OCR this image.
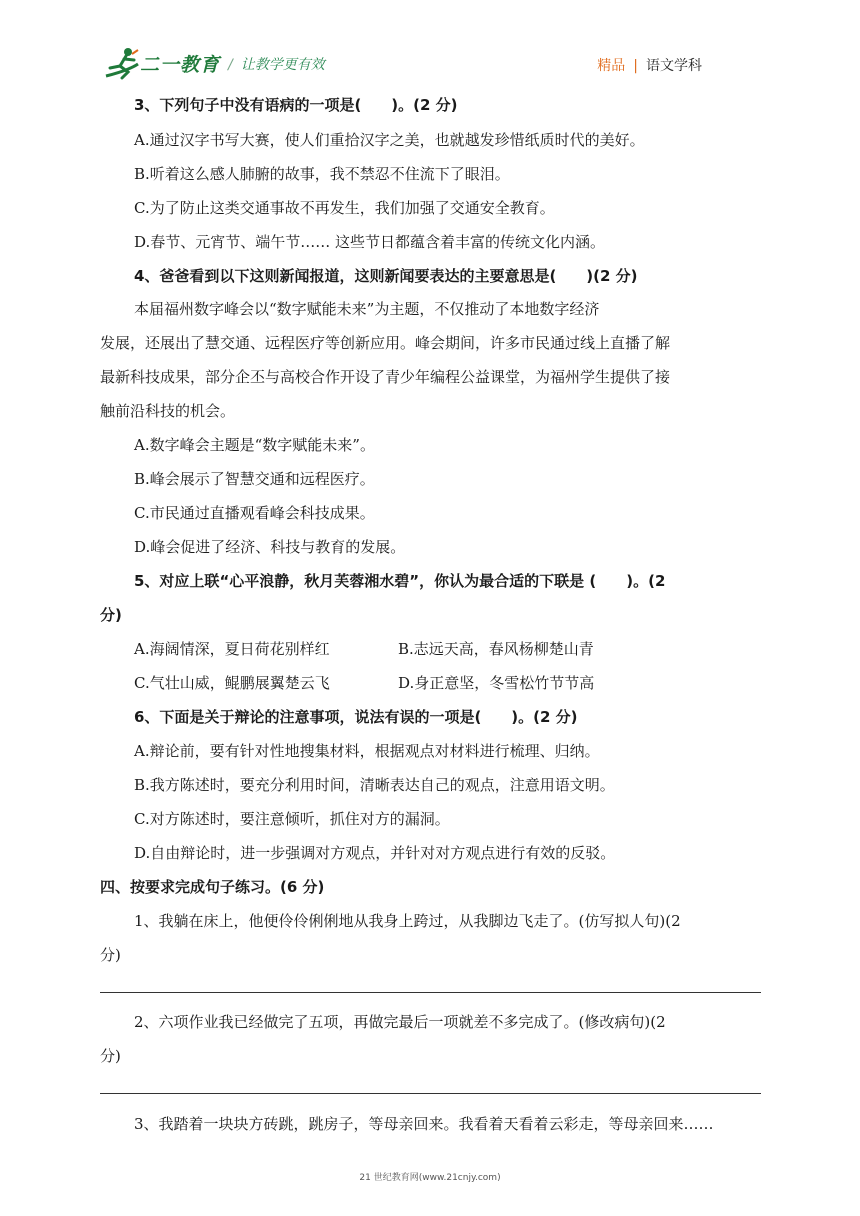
二一教育 / 让教学更有效	精品 | 语文学科
3、下列句子中没有语病的一项是(　　)。(2 分)
A.通过汉字书写大赛，使人们重拾汉字之美，也就越发珍惜纸质时代的美好。
B.听着这么感人肺腑的故事，我不禁忍不住流下了眼泪。
C.为了防止这类交通事故不再发生，我们加强了交通安全教育。
D.春节、元宵节、端午节…… 这些节日都蕴含着丰富的传统文化内涵。
4、爸爸看到以下这则新闻报道，这则新闻要表达的主要意思是(　　)(2 分)
本届福州数字峰会以“数字赋能未来”为主题，不仅推动了本地数字经济
发展，还展出了慧交通、远程医疗等创新应用。峰会期间，许多市民通过线上直播了解
最新科技成果，部分企丕与高校合作开设了青少年编程公益课堂，为福州学生提供了接
触前沿科技的机会。
A.数字峰会主题是“数字赋能未来”。
B.峰会展示了智慧交通和远程医疗。
C.市民通过直播观看峰会科技成果。
D.峰会促进了经济、科技与教育的发展。
5、对应上联“心平浪静，秋月芙蓉湘水碧”，你认为最合适的下联是 (　　)。(2
分)
A.海阔情深，夏日荷花别样红	B.志远天高，春风杨柳楚山青
C.气壮山威，鲲鹏展翼楚云飞	D.身正意坚，冬雪松竹节节高
6、下面是关于辩论的注意事项，说法有误的一项是(　　)。(2 分)
A.辩论前，要有针对性地搜集材料，根据观点对材料进行梳理、归纳。
B.我方陈述时，要充分利用时间，清晰表达自己的观点，注意用语文明。
C.对方陈述时，要注意倾听，抓住对方的漏洞。
D.自由辩论时，进一步强调对方观点，并针对对方观点进行有效的反驳。
四、按要求完成句子练习。(6 分)
1、我躺在床上，他便伶伶俐俐地从我身上跨过，从我脚边飞走了。(仿写拟人句)(2
分)
2、六项作业我已经做完了五项，再做完最后一项就差不多完成了。(修改病句)(2
分)
3、我踏着一块块方砖跳，跳房子，等母亲回来。我看着天看着云彩走，等母亲回来……
21 世纪教育网(www.21cnjy.com)
